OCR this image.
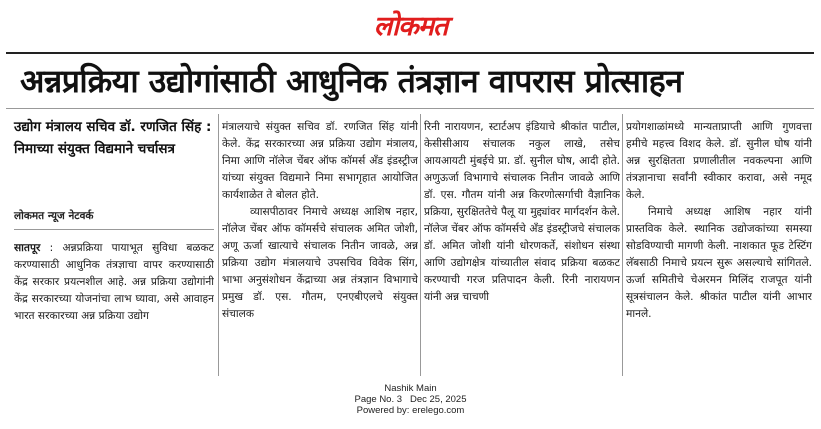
लोकमत
अन्नप्रक्रिया उद्योगांसाठी आधुनिक तंत्रज्ञान वापरास प्रोत्साहन
उद्योग मंत्रालय सचिव डॉ. रणजित सिंह : निमाच्या संयुक्त विद्यमाने चर्चासत्र
लोकमत न्यूज नेटवर्क
सातपूर : अन्नप्रक्रिया पायाभूत सुविधा बळकट करण्यासाठी आधुनिक तंत्रज्ञाचा वापर करण्यासाठी केंद्र सरकार प्रयत्नशील आहे. अन्न प्रक्रिया उद्योगांनी केंद्र सरकारच्या योजनांचा लाभ घ्यावा, असे आवाहन भारत सरकारच्या अन्न प्रक्रिया उद्योग
मंत्रालयाचे संयुक्त सचिव डॉ. रणजित सिंह यांनी केले. केंद्र सरकारच्या अन्न प्रक्रिया उद्योग मंत्रालय, निमा आणि नॉलेज चेंबर ऑफ कॉमर्स ॲंड इंडस्ट्रीज यांच्या संयुक्त विद्यमाने निमा सभागृहात आयोजित कार्यशाळेत ते बोलत होते.
व्यासपीठावर निमाचे अध्यक्ष आशिष नहार, नॉलेज चेंबर ऑफ कॉमर्सचे संचालक अमित जोशी, अणू ऊर्जा खात्याचे संचालक नितीन जावळे, अन्न प्रक्रिया उद्योग मंत्रालयाचे उपसचिव विवेक सिंग, भाभा अनुसंशोधन केंद्राच्या अन्न तंत्रज्ञान विभागाचे प्रमुख डॉ. एस. गौतम, एनएबीएलचे संयुक्त संचालक
रिनी नारायणन, स्टार्टअप इंडियाचे श्रीकांत पाटील, केसीसीआय संचालक नकुल लाखे, तसेच आयआयटी मुंबईचे प्रा. डॉ. सुनील घोष, आदी होते. अणुऊर्जा विभागाचे संचालक नितीन जावळे आणि डॉ. एस. गौतम यांनी अन्न किरणोत्सर्गाची वैज्ञानिक प्रक्रिया, सुरक्षिततेचे पैलू या मुद्द्यांवर मार्गदर्शन केले. नॉलेज चेंबर ऑफ कॉमर्सचे ॲंड इंडस्ट्रीजचे संचालक डॉ. अमित जोशी यांनी धोरणकर्ते, संशोधन संस्था आणि उद्योगक्षेत्र यांच्यातील संवाद प्रक्रिया बळकट करण्याची गरज प्रतिपादन केली. रिनी नारायणन यांनी अन्न चाचणी
प्रयोगशाळांमध्ये मान्यताप्राप्ती आणि गुणवत्ता हमीचे महत्त्व विशद केले. डॉ. सुनील घोष यांनी अन्न सुरक्षितता प्रणालीतील नवकल्पना आणि तंत्रज्ञानाचा सर्वांनी स्वीकार करावा, असे नमूद केले.
निमाचे अध्यक्ष आशिष नहार यांनी प्रास्तविक केले. स्थानिक उद्योजकांच्या समस्या सोडविण्याची मागणी केली. नाशकात फूड टेस्टिंग लॅबसाठी निमाचे प्रयत्न सुरू असल्याचे सांगितले. ऊर्जा समितीचे चेअरमन मिलिंद राजपूत यांनी सूत्रसंचालन केले. श्रीकांत पाटील यांनी आभार मानले.
Nashik Main
Page No. 3 Dec 25, 2025
Powered by: erelego.com
